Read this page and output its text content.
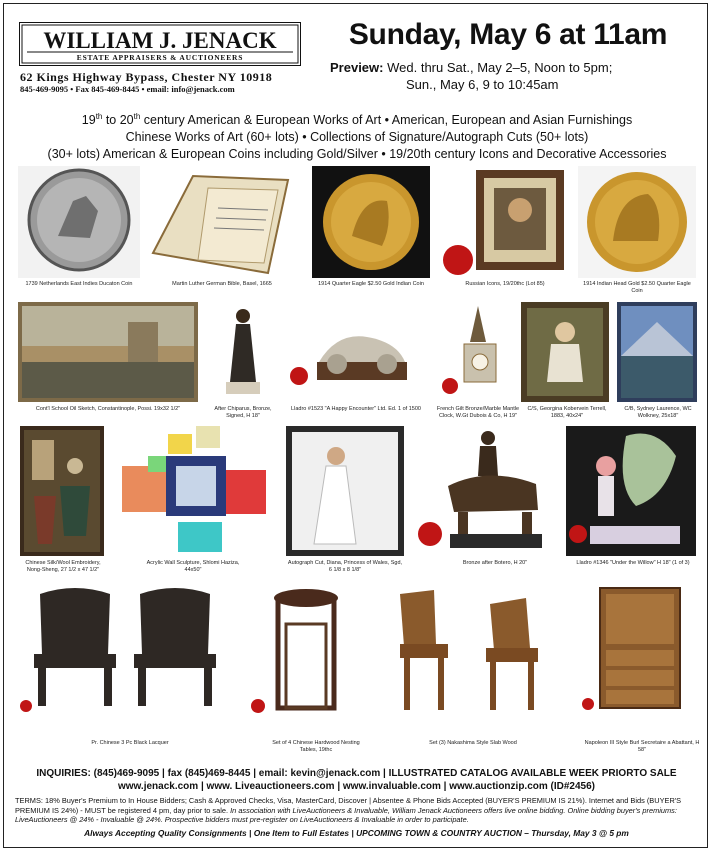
WILLIAM J. JENACK
ESTATE APPRAISERS & AUCTIONEERS
62 Kings Highway Bypass, Chester NY 10918
845-469-9095 • Fax 845-469-8445 • email: info@jenack.com
Sunday, May 6 at 11am
Preview: Wed. thru Sat., May 2–5, Noon to 5pm;
Sun., May 6, 9 to 10:45am
19th to 20th century American & European Works of Art • American, European and Asian Furnishings
Chinese Works of Art (60+ lots) • Collections of Signature/Autograph Cuts (50+ lots)
(30+ lots) American & European Coins including Gold/Silver • 19/20th century Icons and Decorative Accessories
1739 Netherlands East Indies Ducaton Coin	Martin Luther German Bible, Basel, 1665	1914 Quarter Eagle $2.50 Gold Indian Coin	Russian Icons, 19/20thc (Lot 85)	1914 Indian Head Gold $2.50 Quarter Eagle Coin
Cont'l School Oil Sketch, Constantinople, Possi. 19x32 1/2"	After Chiparus, Bronze, Signed, H 18"
Lladro #1523 "A Happy Encounter" Ltd. Ed. 1 of 1500	French Gilt Bronze/Marble Mantle Clock, W.Gt Dubois & Co, H 19"
C/S, Georgina Kobervein Terrell, 1883, 40x24"
C/B, Sydney Laurence, WC Wolkney, 25x18"
Chinese Silk/Wool Embroidery, Nong-Sheng, 27 1/2 x 47 1/2"
Acrylic Wall Sculpture, Shlomi Haziza, 44x50"
Autograph Cut, Diana, Princess of Wales, Sgd, 6 1/8 x 8 1/8"
Bronze after Botero, H 20"	Lladro #1346 "Under the Willow" H 18" (1 of 3)
Pr. Chinese 3 Pc Black Lacquer	Set of 4 Chinese Hardwood Nesting Tables, 19thc
Set (3) Nakashima Style Slab Wood	Napoleon III Style Burl Secretaire a Abattant, H 58"
INQUIRIES: (845)469-9095 | fax (845)469-8445 | email: kevin@jenack.com | ILLUSTRATED CATALOG AVAILABLE WEEK PRIORTO SALE
www.jenack.com | www. Liveauctioneers.com | www.invaluable.com | www.auctionzip.com (ID#2456)
TERMS: 18% Buyer's Premium to In House Bidders; Cash & Approved Checks, Visa, MasterCard, Discover | Absentee & Phone Bids Accepted (BUYER'S PREMIUM IS 21%). Internet and Bids (BUYER'S PREMIUM IS 24%) - MUST be registered 4 pm, day prior to sale. In association with LiveAuctioneers & Invaluable, William Jenack Auctioneers offers live online bidding. Online bidding buyer's premiums: LiveAuctioneers @ 24% - Invaluable @ 24%. Prospective bidders must pre-register on LiveAuctioneers & Invaluable in order to participate.
Always Accepting Quality Consignments | One Item to Full Estates | UPCOMING TOWN & COUNTRY AUCTION – Thursday, May 3 @ 5 pm
